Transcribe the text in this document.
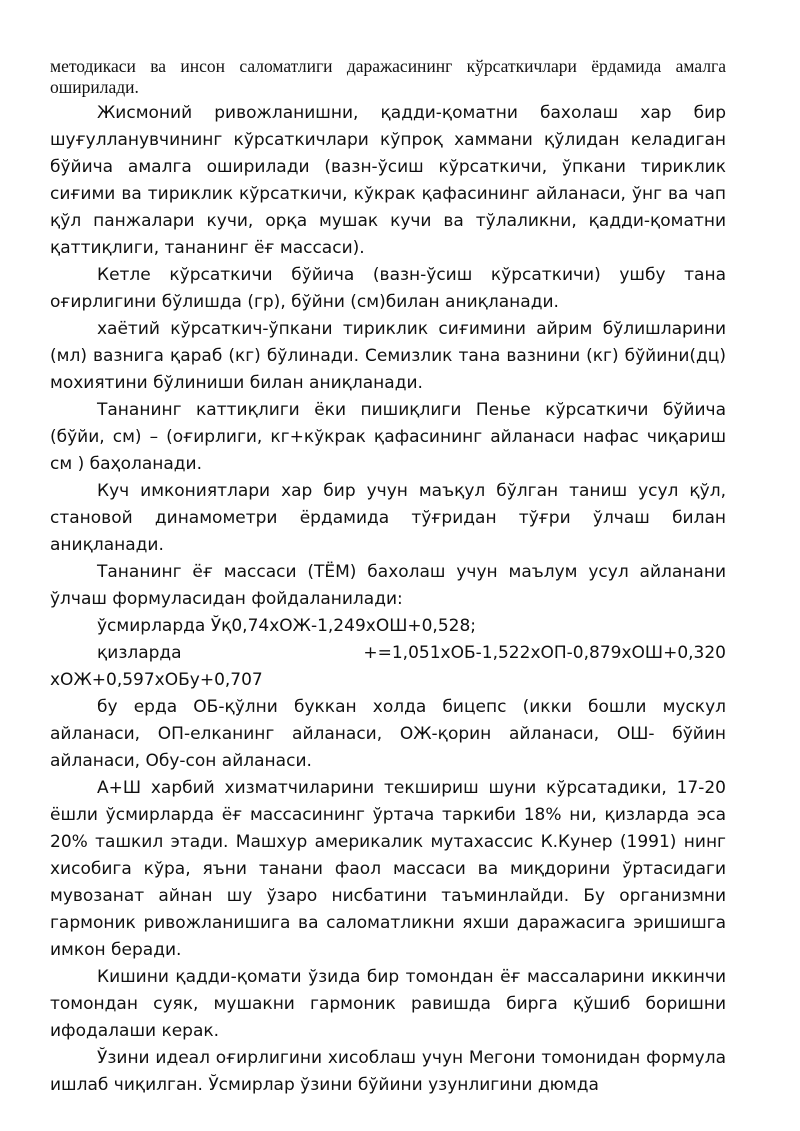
методикаси ва инсон саломатлиги даражасининг кўрсаткичлари ёрдамида амалга оширилади.

Жисмоний ривожланишни, қадди-қоматни бахолаш хар бир шуғулланувчининг кўрсаткичлари кўпроқ хаммани қўлидан келадиган бўйича амалга оширилади (вазн-ўсиш кўрсаткичи, ўпкани тириклик сиғими ва тириклик кўрсаткичи, кўкрак қафасининг айланаси, ўнг ва чап қўл панжалари кучи, орқа мушак кучи ва тўлаликни, қадди-қоматни қаттиқлиги, тананинг ёғ массаси).

Кетле кўрсаткичи бўйича (вазн-ўсиш кўрсаткичи) ушбу тана оғирлигини бўлишда (гр), бўйни (см)билан аниқланади.

хаётий кўрсаткич-ўпкани тириклик сиғимини айрим бўлишларини (мл) вазнига қараб (кг) бўлинади. Семизлик тана вазнини (кг) бўйини(дц) мохиятини бўлиниши билан аниқланади.

Тананинг каттиқлиги ёки пишиқлиги Пенье кўрсаткичи бўйича (бўйи, см) – (оғирлиги, кг+кўкрак қафасининг айланаси нафас чиқариш см ) баҳоланади.

Куч имкониятлари хар бир учун маъқул бўлган таниш усул қўл, становой динамометри ёрдамида тўғридан тўғри ўлчаш билан аниқланади.

Тананинг ёғ массаси (ТЁМ) бахолаш учун маълум усул айланани ўлчаш формуласидан фойдаланилади:

ўсмирларда Ўқ0,74хОЖ-1,249хОШ+0,528;

қизларда +=1,051хОБ-1,522хОП-0,879хОШ+0,320 хОЖ+0,597хОБу+0,707

бу ерда ОБ-қўлни буккан холда бицепс (икки бошли мускул айланаси, ОП-елканинг айланаси, ОЖ-қорин айланаси, ОШ- бўйин айланаси, Обу-сон айланаси.

А+Ш харбий хизматчиларини текшириш шуни кўрсатадики, 17-20 ёшли ўсмирларда ёғ массасининг ўртача таркиби 18% ни, қизларда эса 20% ташкил этади. Машхур америкалик мутахассис К.Кунер (1991) нинг хисобига кўра, яъни танани фаол массаси ва миқдорини ўртасидаги мувозанат айнан шу ўзаро нисбатини таъминлайди. Бу организмни гармоник ривожланишига ва саломатликни яхши даражасига эришишга имкон беради.

Кишини қадди-қомати ўзида бир томондан ёғ массаларини иккинчи томондан суяк, мушакни гармоник равишда бирга қўшиб боришни ифодалаши керак.

Ўзини идеал оғирлигини хисоблаш учун Мегони томонидан формула ишлаб чиқилган. Ўсмирлар ўзини бўйини узунлигини дюмда
